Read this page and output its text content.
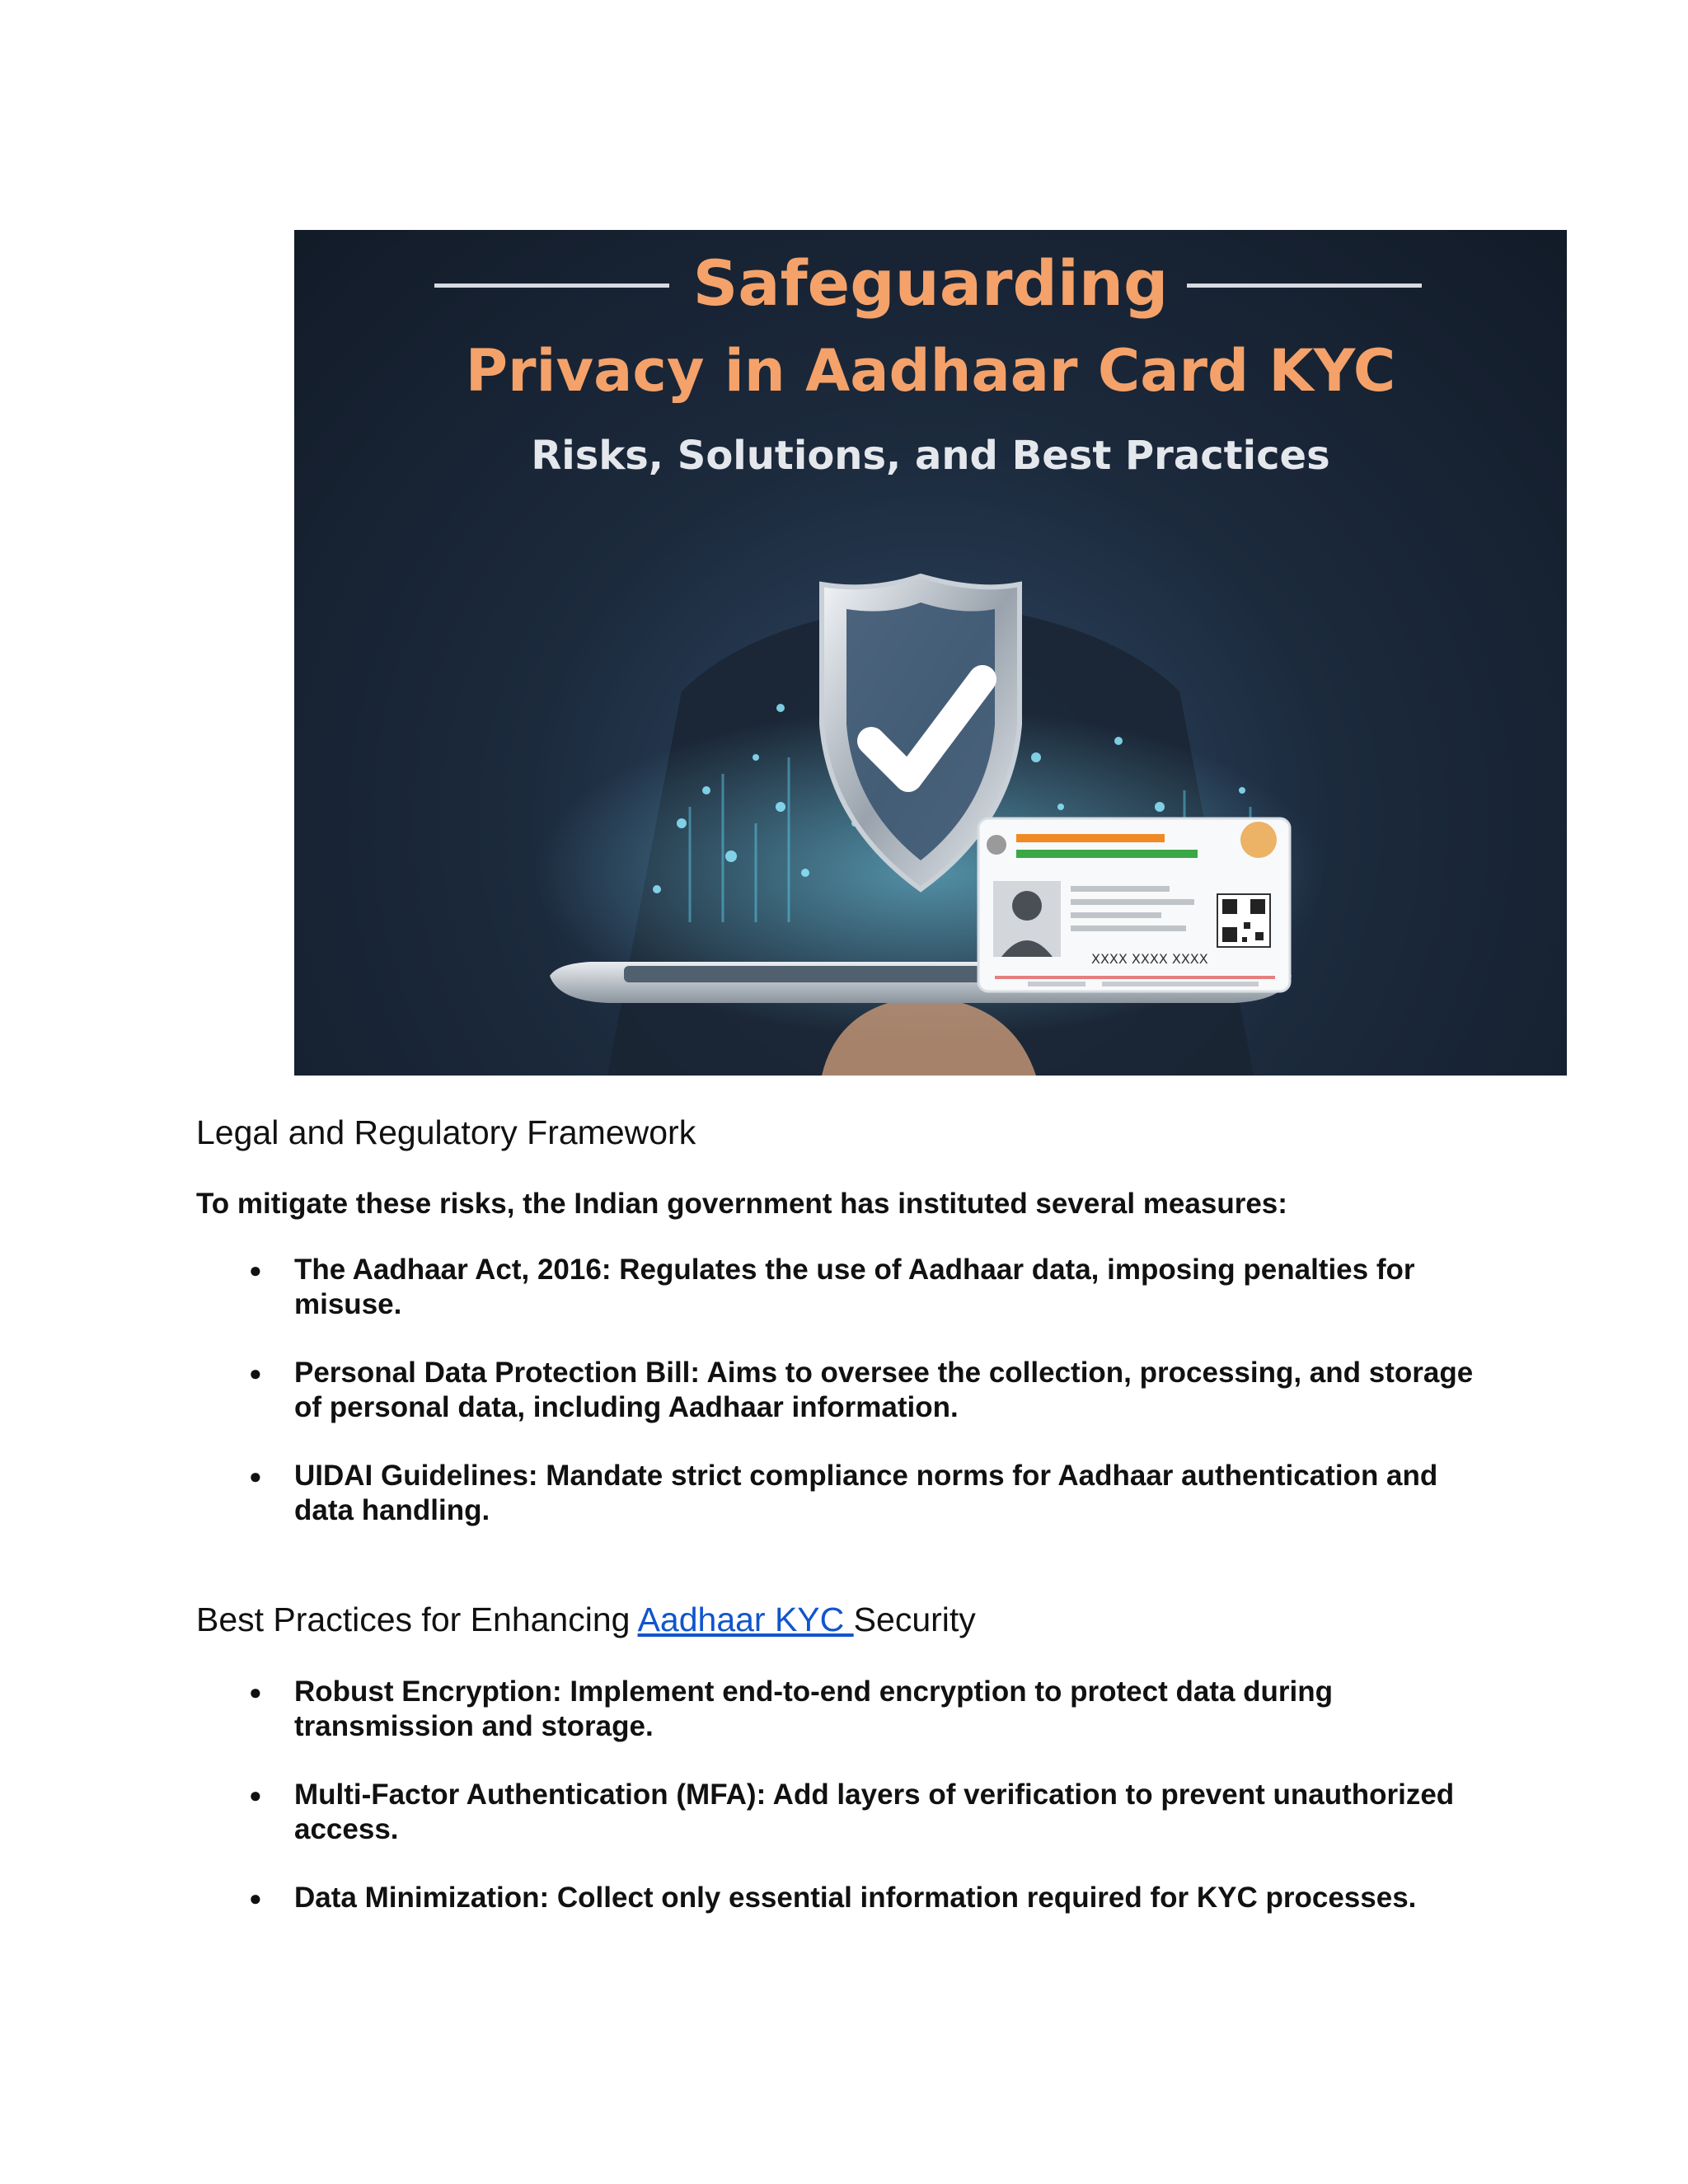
Safeguarding
Privacy in Aadhaar Card KYC
Risks, Solutions, and Best Practices
XXXX XXXX XXXX
Legal and Regulatory Framework

To mitigate these risks, the Indian government has instituted several measures:

● The Aadhaar Act, 2016: Regulates the use of Aadhaar data, imposing penalties for misuse.
● Personal Data Protection Bill: Aims to oversee the collection, processing, and storage of personal data, including Aadhaar information.
● UIDAI Guidelines: Mandate strict compliance norms for Aadhaar authentication and data handling.
Best Practices for Enhancing Aadhaar KYC Security
● Robust Encryption: Implement end-to-end encryption to protect data during transmission and storage.
● Multi-Factor Authentication (MFA): Add layers of verification to prevent unauthorized access.
● Data Minimization: Collect only essential information required for KYC processes.
